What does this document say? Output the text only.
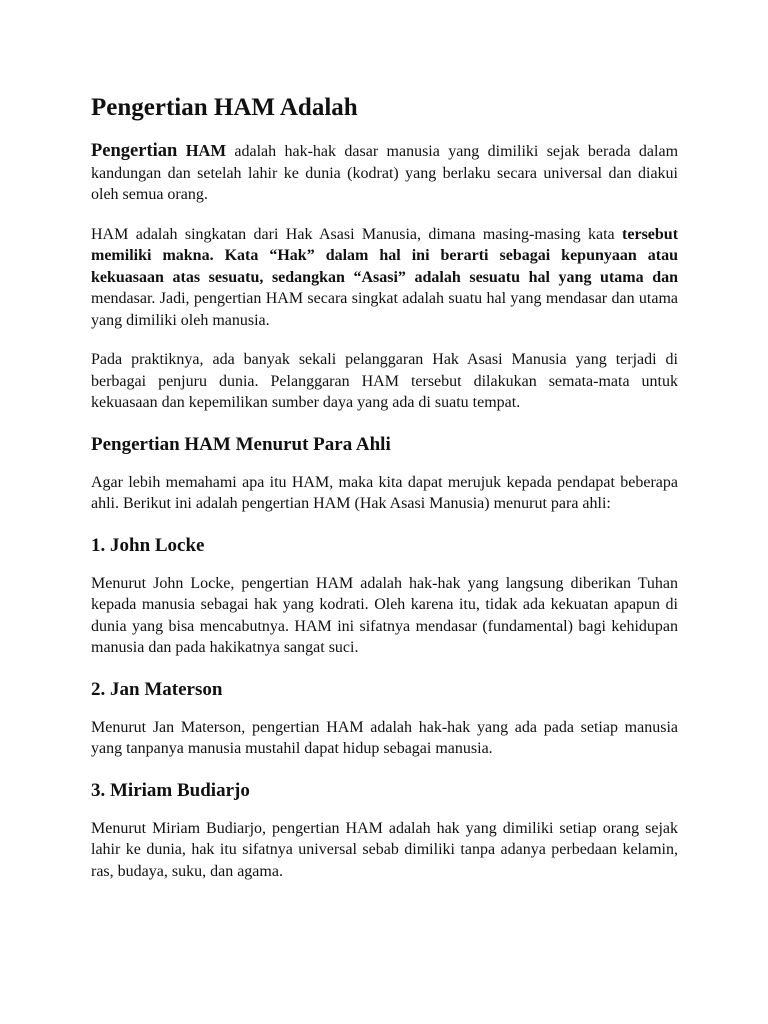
Pengertian HAM Adalah

Pengertian HAM adalah hak-hak dasar manusia yang dimiliki sejak berada dalam kandungan dan setelah lahir ke dunia (kodrat) yang berlaku secara universal dan diakui oleh semua orang.

HAM adalah singkatan dari Hak Asasi Manusia, dimana masing-masing kata tersebut memiliki makna. Kata “Hak” dalam hal ini berarti sebagai kepunyaan atau kekuasaan atas sesuatu, sedangkan “Asasi” adalah sesuatu hal yang utama dan mendasar. Jadi, pengertian HAM secara singkat adalah suatu hal yang mendasar dan utama yang dimiliki oleh manusia.

Pada praktiknya, ada banyak sekali pelanggaran Hak Asasi Manusia yang terjadi di berbagai penjuru dunia. Pelanggaran HAM tersebut dilakukan semata-mata untuk kekuasaan dan kepemilikan sumber daya yang ada di suatu tempat.

Pengertian HAM Menurut Para Ahli

Agar lebih memahami apa itu HAM, maka kita dapat merujuk kepada pendapat beberapa ahli. Berikut ini adalah pengertian HAM (Hak Asasi Manusia) menurut para ahli:

1. John Locke

Menurut John Locke, pengertian HAM adalah hak-hak yang langsung diberikan Tuhan kepada manusia sebagai hak yang kodrati. Oleh karena itu, tidak ada kekuatan apapun di dunia yang bisa mencabutnya. HAM ini sifatnya mendasar (fundamental) bagi kehidupan manusia dan pada hakikatnya sangat suci.

2. Jan Materson

Menurut Jan Materson, pengertian HAM adalah hak-hak yang ada pada setiap manusia yang tanpanya manusia mustahil dapat hidup sebagai manusia.

3. Miriam Budiarjo

Menurut Miriam Budiarjo, pengertian HAM adalah hak yang dimiliki setiap orang sejak lahir ke dunia, hak itu sifatnya universal sebab dimiliki tanpa adanya perbedaan kelamin, ras, budaya, suku, dan agama.
